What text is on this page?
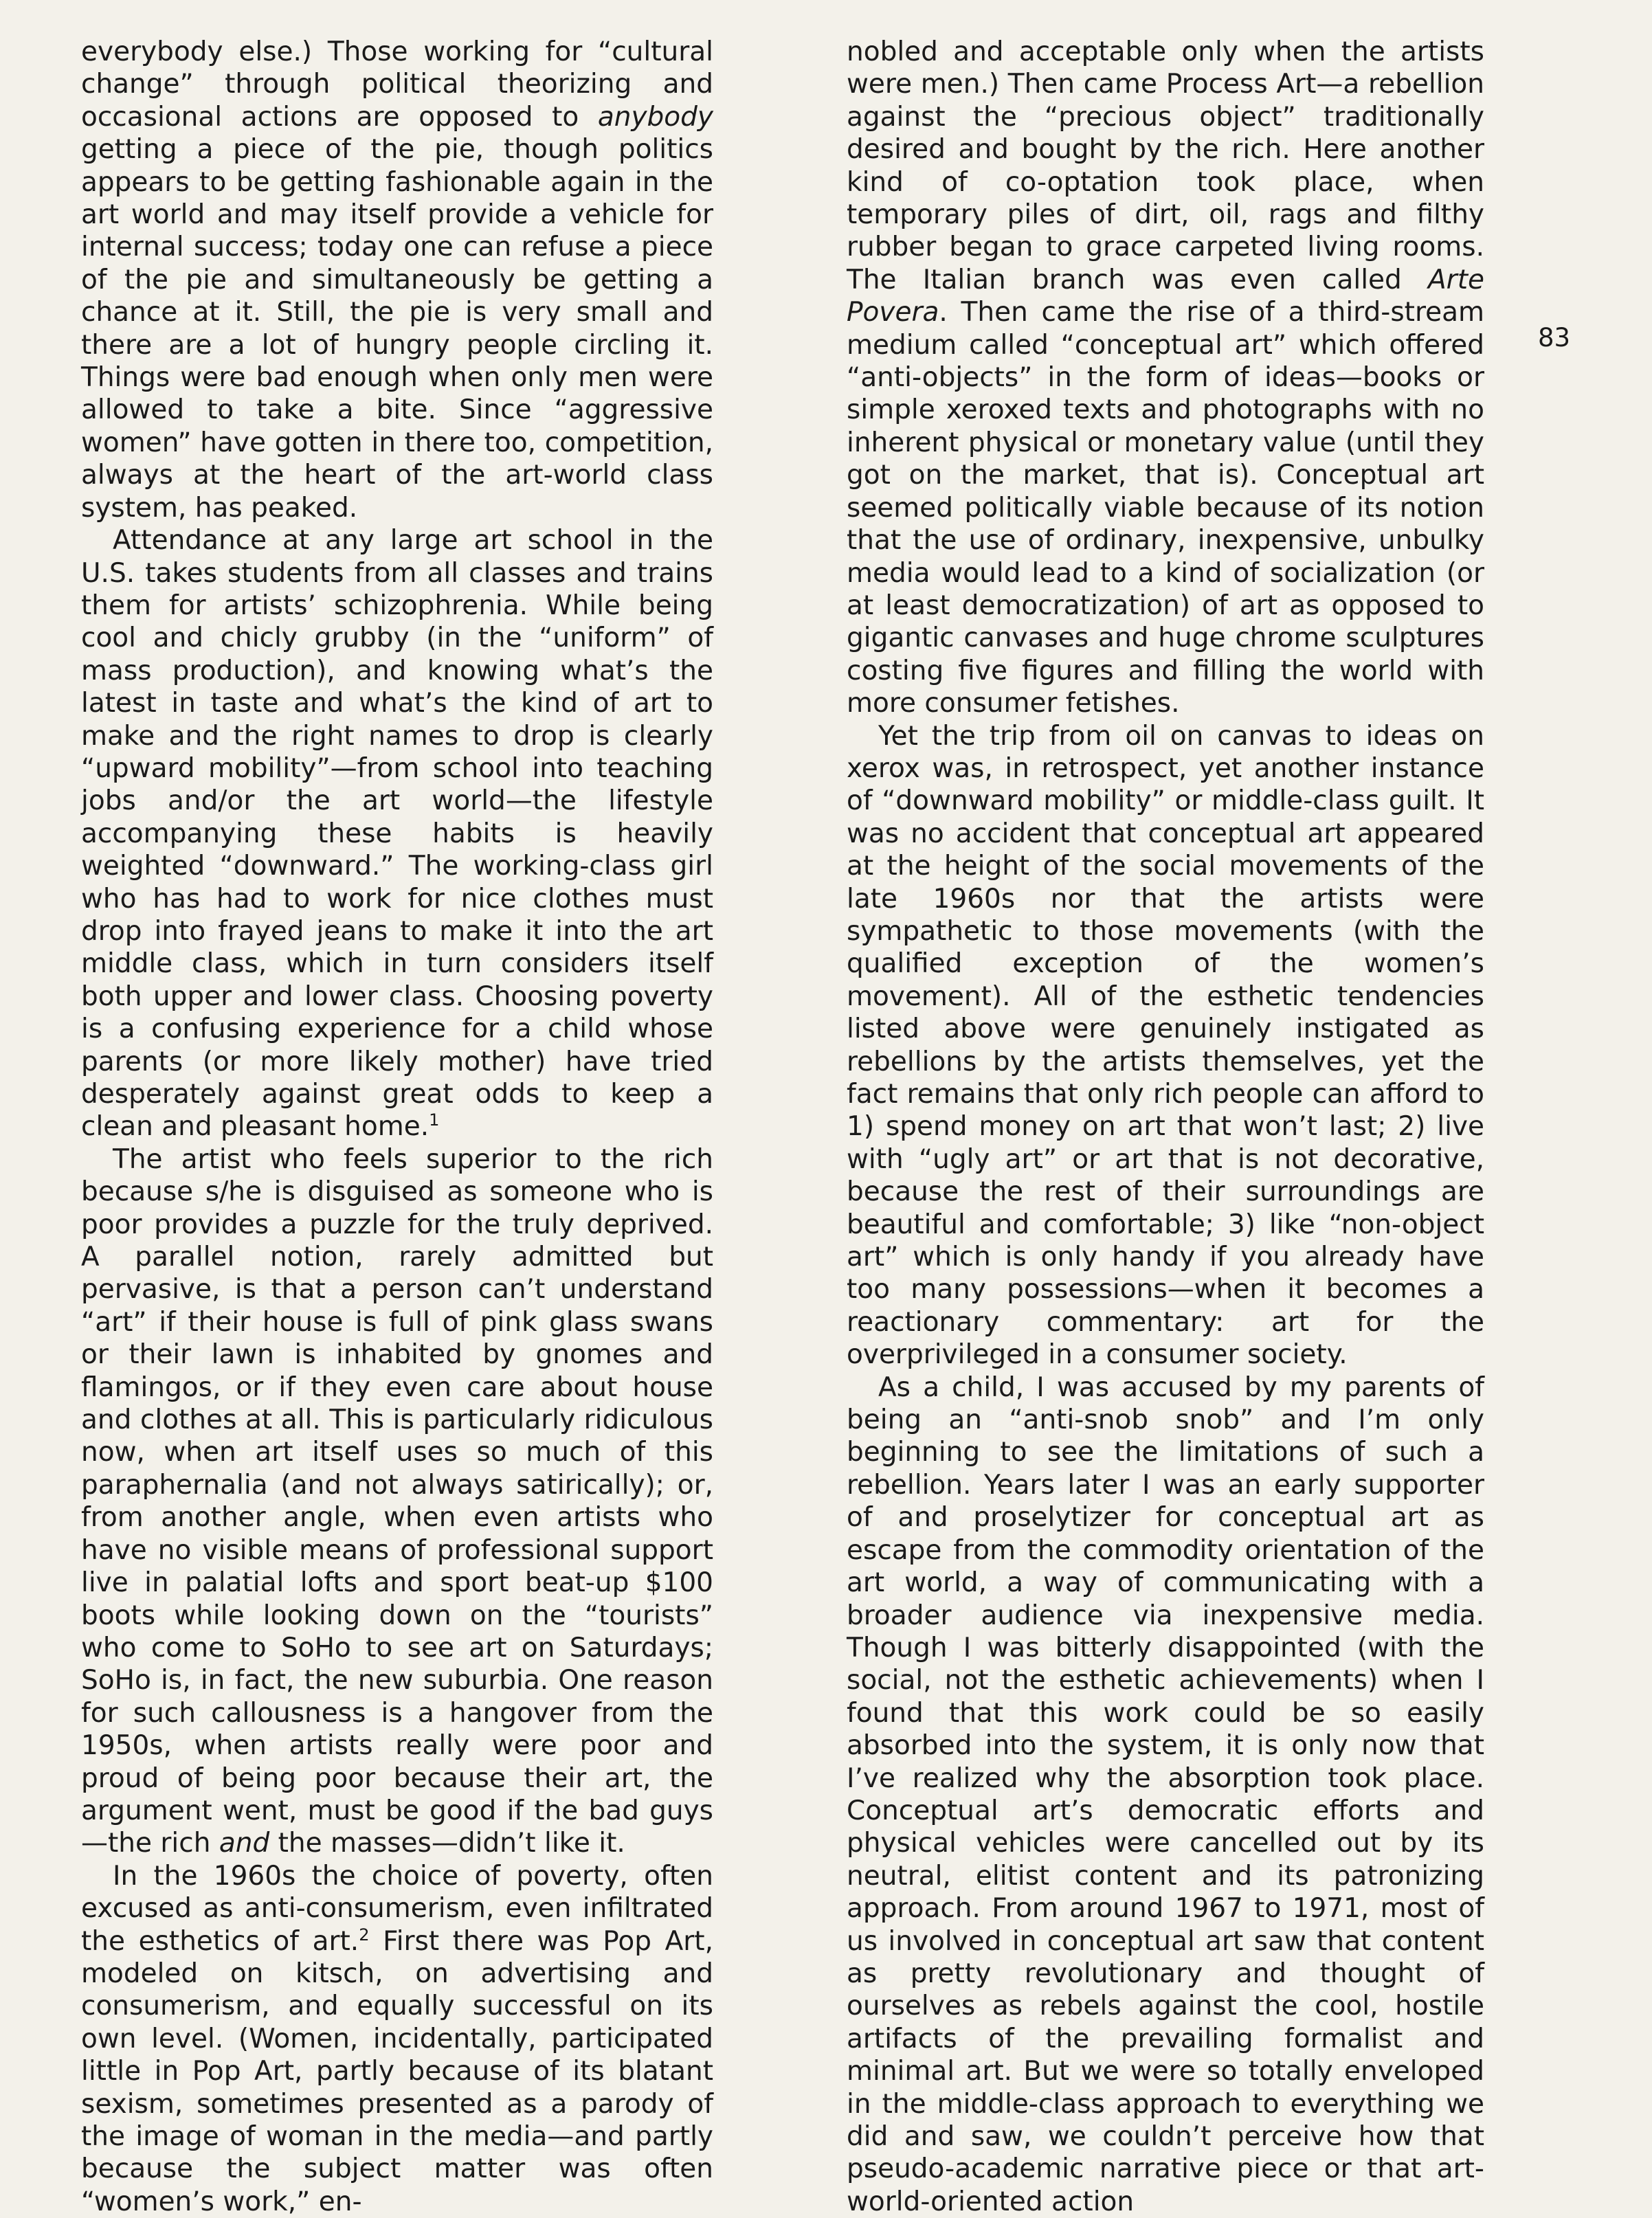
everybody else.) Those working for “cultural change” through political theorizing and occasional actions are opposed to anybody getting a piece of the pie, though politics appears to be getting fashionable again in the art world and may itself provide a vehicle for internal success; today one can refuse a piece of the pie and simultaneously be getting a chance at it. Still, the pie is very small and there are a lot of hungry people circling it. Things were bad enough when only men were allowed to take a bite. Since “aggressive women” have gotten in there too, competition, always at the heart of the art-world class system, has peaked.

Attendance at any large art school in the U.S. takes students from all classes and trains them for artists’ schizophrenia. While being cool and chicly grubby (in the “uniform” of mass production), and knowing what’s the latest in taste and what’s the kind of art to make and the right names to drop is clearly “upward mobility”—from school into teaching jobs and/or the art world—the lifestyle accompanying these habits is heavily weighted “downward.” The working-class girl who has had to work for nice clothes must drop into frayed jeans to make it into the art middle class, which in turn considers itself both upper and lower class. Choosing poverty is a confusing experience for a child whose parents (or more likely mother) have tried desperately against great odds to keep a clean and pleasant home.$^1$

The artist who feels superior to the rich because s/he is disguised as someone who is poor provides a puzzle for the truly deprived. A parallel notion, rarely admitted but pervasive, is that a person can’t understand “art” if their house is full of pink glass swans or their lawn is inhabited by gnomes and flamingos, or if they even care about house and clothes at all. This is particularly ridiculous now, when art itself uses so much of this paraphernalia (and not always satirically); or, from another angle, when even artists who have no visible means of professional support live in palatial lofts and sport beat-up $100 boots while looking down on the “tourists” who come to SoHo to see art on Saturdays; SoHo is, in fact, the new suburbia. One reason for such callousness is a hangover from the 1950s, when artists really were poor and proud of being poor because their art, the argument went, must be good if the bad guys—the rich and the masses—didn’t like it.

In the 1960s the choice of poverty, often excused as anti-consumerism, even infiltrated the esthetics of art.$^2$ First there was Pop Art, modeled on kitsch, on advertising and consumerism, and equally successful on its own level. (Women, incidentally, participated little in Pop Art, partly because of its blatant sexism, sometimes presented as a parody of the image of woman in the media—and partly because the subject matter was often “women’s work,” en-

nobled and acceptable only when the artists were men.) Then came Process Art—a rebellion against the “precious object” traditionally desired and bought by the rich. Here another kind of co-optation took place, when temporary piles of dirt, oil, rags and filthy rubber began to grace carpeted living rooms. The Italian branch was even called Arte Povera. Then came the rise of a third-stream medium called “conceptual art” which offered “anti-objects” in the form of ideas—books or simple xeroxed texts and photographs with no inherent physical or monetary value (until they got on the market, that is). Conceptual art seemed politically viable because of its notion that the use of ordinary, inexpensive, unbulky media would lead to a kind of socialization (or at least democratization) of art as opposed to gigantic canvases and huge chrome sculptures costing five figures and filling the world with more consumer fetishes.

Yet the trip from oil on canvas to ideas on xerox was, in retrospect, yet another instance of “downward mobility” or middle-class guilt. It was no accident that conceptual art appeared at the height of the social movements of the late 1960s nor that the artists were sympathetic to those movements (with the qualified exception of the women’s movement). All of the esthetic tendencies listed above were genuinely instigated as rebellions by the artists themselves, yet the fact remains that only rich people can afford to 1) spend money on art that won’t last; 2) live with “ugly art” or art that is not decorative, because the rest of their surroundings are beautiful and comfortable; 3) like “non-object art” which is only handy if you already have too many possessions—when it becomes a reactionary commentary: art for the overprivileged in a consumer society.

As a child, I was accused by my parents of being an “anti-snob snob” and I’m only beginning to see the limitations of such a rebellion. Years later I was an early supporter of and proselytizer for conceptual art as escape from the commodity orientation of the art world, a way of communicating with a broader audience via inexpensive media. Though I was bitterly disappointed (with the social, not the esthetic achievements) when I found that this work could be so easily absorbed into the system, it is only now that I’ve realized why the absorption took place. Conceptual art’s democratic efforts and physical vehicles were cancelled out by its neutral, elitist content and its patronizing approach. From around 1967 to 1971, most of us involved in conceptual art saw that content as pretty revolutionary and thought of ourselves as rebels against the cool, hostile artifacts of the prevailing formalist and minimal art. But we were so totally enveloped in the middle-class approach to everything we did and saw, we couldn’t perceive how that pseudo-academic narrative piece or that art-world-oriented action

83
